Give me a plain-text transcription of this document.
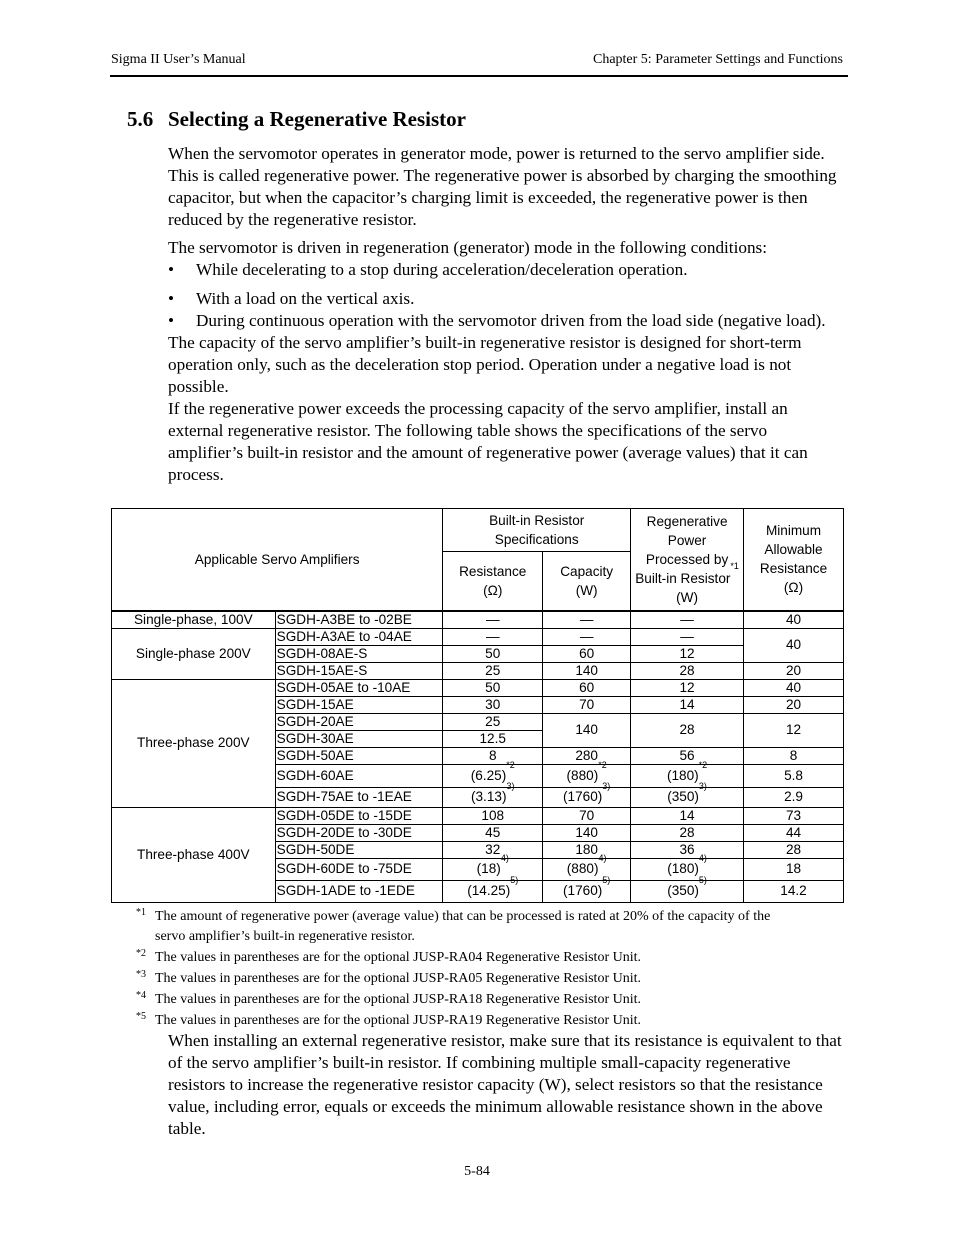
Sigma II User’s Manual	Chapter 5: Parameter Settings and Functions
5.6 Selecting a Regenerative Resistor

When the servomotor operates in generator mode, power is returned to the servo amplifier side. This is called regenerative power. The regenerative power is absorbed by charging the smoothing capacitor, but when the capacitor’s charging limit is exceeded, the regenerative power is then reduced by the regenerative resistor.

The servomotor is driven in regeneration (generator) mode in the following conditions:

• While decelerating to a stop during acceleration/deceleration operation.
• With a load on the vertical axis.
• During continuous operation with the servomotor driven from the load side (negative load).

The capacity of the servo amplifier’s built-in regenerative resistor is designed for short-term operation only, such as the deceleration stop period. Operation under a negative load is not possible.

If the regenerative power exceeds the processing capacity of the servo amplifier, install an external regenerative resistor. The following table shows the specifications of the servo amplifier’s built-in resistor and the amount of regenerative power (average values) that it can process.

Applicable Servo Amplifiers		Built-in Resistor Specifications		Regenerative Power Processed by Built-in Resistor$^{*1}$ (W)	Minimum Allowable Resistance
(Ω)
		Resistance
(Ω)	Capacity
(W)		
Single-phase, 100V	SGDH-A3BE to -02BE	—	—	—	40
Single-phase 200V	SGDH-A3AE to -04AE	—	—	—	40
	SGDH-08AE-S	50	60	12	
	SGDH-15AE-S	25	140	28	20
Three-phase 200V	SGDH-05AE to -10AE	50	60	12	40
	SGDH-15AE	30	70	14	20
	SGDH-20AE	25	140	28	12
	SGDH-30AE	12.5			
	SGDH-50AE	8	280	56	8
	SGDH-60AE	$(6.25)^{*2}$	$(880)^{*2}$	$(180)^{*2}$	5.8
	SGDH-75AE to -1EAE	$(3.13)^{3)}$	$(1760)^{3)}$	$(350)^{3)}$	2.9
Three-phase 400V	SGDH-05DE to -15DE	108	70	14	73
	SGDH-20DE to -30DE	45	140	28	44
	SGDH-50DE	32	180	36	28
	SGDH-60DE to -75DE	$(18)^{4)}$	$(880)^{4)}$	$(180)^{4)}$	18
	SGDH-1ADE to -1EDE	$(14.25)^{5)}$	$(1760)^{5)}$	$(350)^{5)}$	14.2
*1 The amount of regenerative power (average value) that can be processed is rated at 20% of the capacity of the servo amplifier’s built-in regenerative resistor.
*2 The values in parentheses are for the optional JUSP-RA04 Regenerative Resistor Unit.
*3 The values in parentheses are for the optional JUSP-RA05 Regenerative Resistor Unit.
*4 The values in parentheses are for the optional JUSP-RA18 Regenerative Resistor Unit.
*5 The values in parentheses are for the optional JUSP-RA19 Regenerative Resistor Unit.
When installing an external regenerative resistor, make sure that its resistance is equivalent to that of the servo amplifier’s built-in resistor. If combining multiple small-capacity regenerative resistors to increase the regenerative resistor capacity (W), select resistors so that the resistance value, including error, equals or exceeds the minimum allowable resistance shown in the above table.
5-84
